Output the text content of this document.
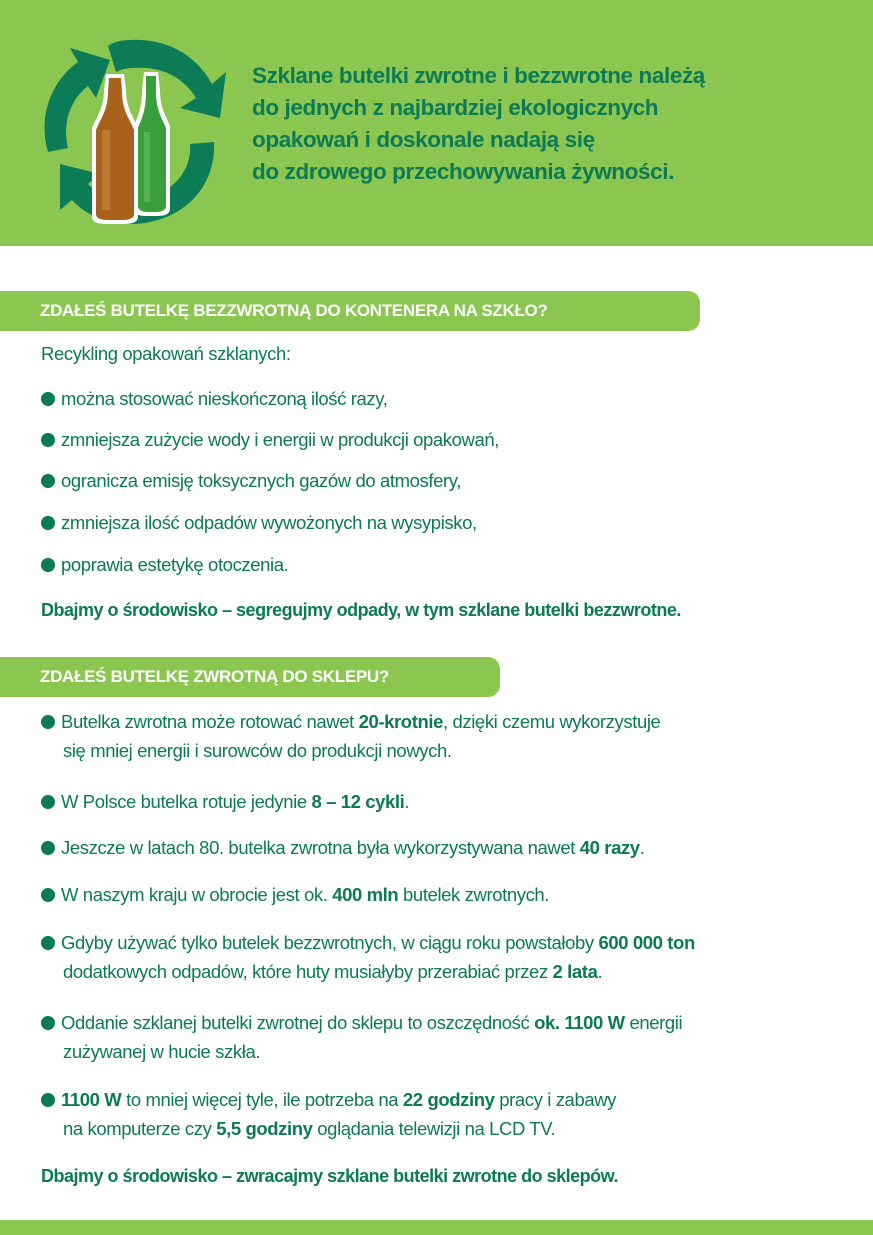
Szklane butelki zwrotne i bezzwrotne należą
do jednych z najbardziej ekologicznych
opakowań i doskonale nadają się
do zdrowego przechowywania żywności.
ZDAŁEŚ BUTELKĘ BEZZWROTNĄ DO KONTENERA NA SZKŁO?
Recykling opakowań szklanych:
można stosować nieskończoną ilość razy,
zmniejsza zużycie wody i energii w produkcji opakowań,
ogranicza emisję toksycznych gazów do atmosfery,
zmniejsza ilość odpadów wywożonych na wysypisko,
poprawia estetykę otoczenia.
Dbajmy o środowisko – segregujmy odpady, w tym szklane butelki bezzwrotne.
ZDAŁEŚ BUTELKĘ ZWROTNĄ DO SKLEPU?
Butelka zwrotna może rotować nawet 20-krotnie, dzięki czemu wykorzystuje
się mniej energii i surowców do produkcji nowych.
W Polsce butelka rotuje jedynie 8 – 12 cykli.
Jeszcze w latach 80. butelka zwrotna była wykorzystywana nawet 40 razy.
W naszym kraju w obrocie jest ok. 400 mln butelek zwrotnych.
Gdyby używać tylko butelek bezzwrotnych, w ciągu roku powstałoby 600 000 ton
dodatkowych odpadów, które huty musiałyby przerabiać przez 2 lata.
Oddanie szklanej butelki zwrotnej do sklepu to oszczędność ok. 1100 W energii
zużywanej w hucie szkła.
1100 W to mniej więcej tyle, ile potrzeba na 22 godziny pracy i zabawy
na komputerze czy 5,5 godziny oglądania telewizji na LCD TV.
Dbajmy o środowisko – zwracajmy szklane butelki zwrotne do sklepów.
